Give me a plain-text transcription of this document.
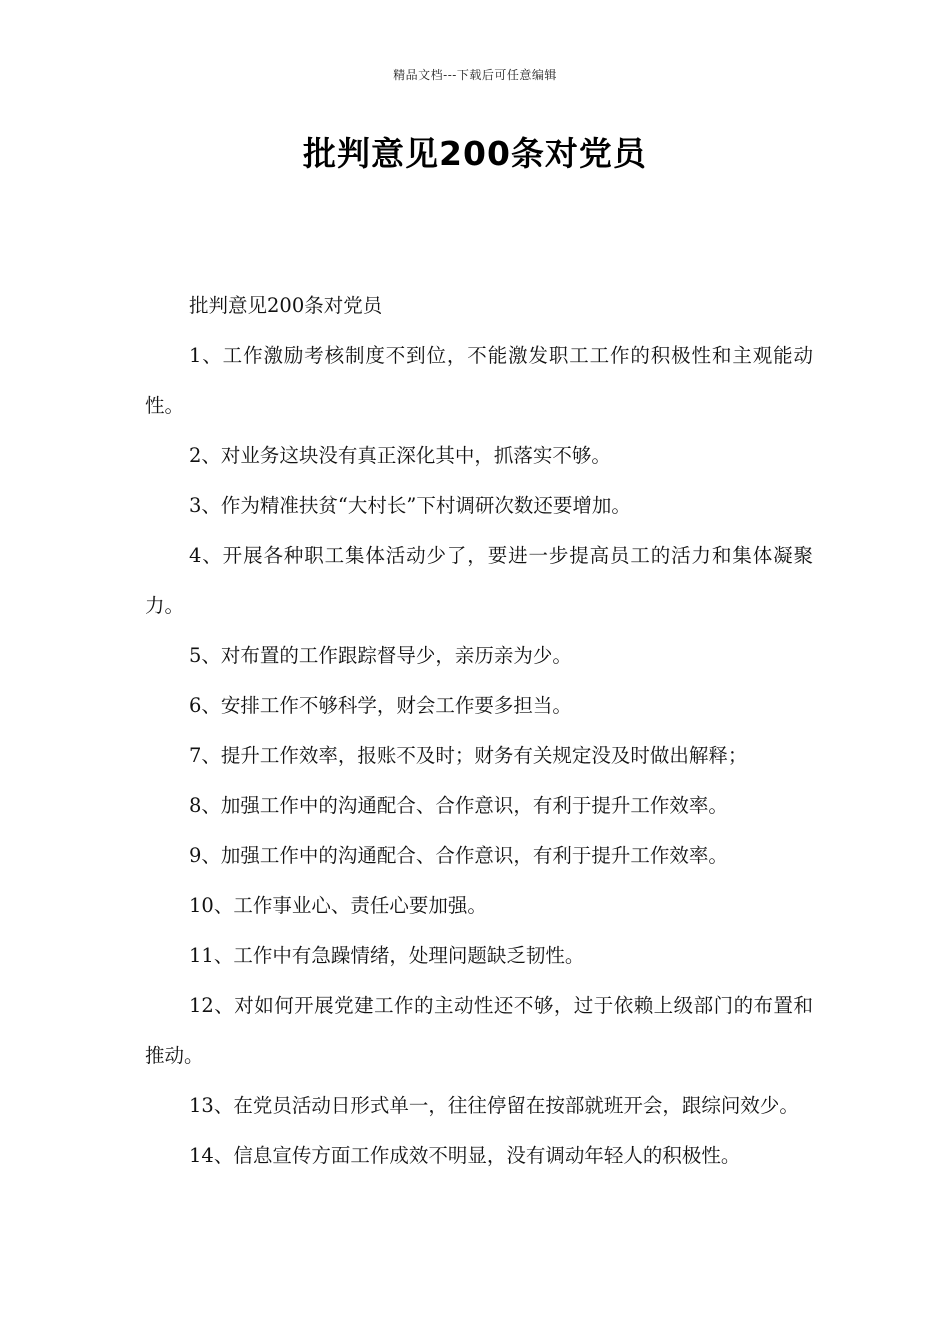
精品文档---下载后可任意编辑
批判意见200条对党员

批判意见200条对党员

1、工作激励考核制度不到位，不能激发职工工作的积极性和主观能动性。

2、对业务这块没有真正深化其中，抓落实不够。

3、作为精准扶贫“大村长”下村调研次数还要增加。

4、开展各种职工集体活动少了，要进一步提高员工的活力和集体凝聚力。

5、对布置的工作跟踪督导少，亲历亲为少。

6、安排工作不够科学，财会工作要多担当。

7、提升工作效率，报账不及时；财务有关规定没及时做出解释；

8、加强工作中的沟通配合、合作意识，有利于提升工作效率。

9、加强工作中的沟通配合、合作意识，有利于提升工作效率。

10、工作事业心、责任心要加强。

11、工作中有急躁情绪，处理问题缺乏韧性。

12、对如何开展党建工作的主动性还不够，过于依赖上级部门的布置和推动。

13、在党员活动日形式单一，往往停留在按部就班开会，跟综问效少。

14、信息宣传方面工作成效不明显，没有调动年轻人的积极性。
